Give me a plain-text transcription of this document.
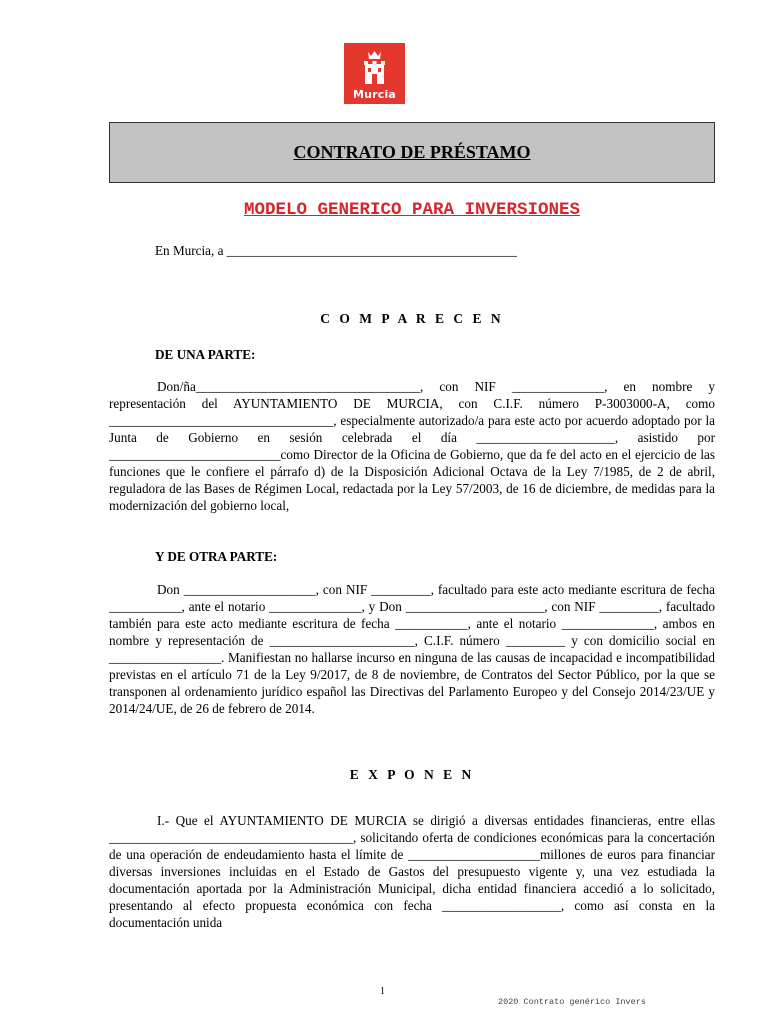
Murcia
CONTRATO DE PRÉSTAMO
MODELO GENERICO PARA INVERSIONES
En Murcia, a ____________________________________________
C O M P A R E C E N
DE UNA PARTE:

Don/ña__________________________________, con NIF ______________, en nombre y representación del AYUNTAMIENTO DE MURCIA, con C.I.F. número P-3003000-A, como __________________________________, especialmente autorizado/a para este acto por acuerdo adoptado por la Junta de Gobierno en sesión celebrada el día _____________________, asistido por __________________________como Director de la Oficina de Gobierno, que da fe del acto en el ejercicio de las funciones que le confiere el párrafo d) de la Disposición Adicional Octava de la Ley 7/1985, de 2 de abril, reguladora de las Bases de Régimen Local, redactada por la Ley 57/2003, de 16 de diciembre, de medidas para la modernización del gobierno local,

Y DE OTRA PARTE:

Don ____________________, con NIF _________, facultado para este acto mediante escritura de fecha ___________, ante el notario ______________, y Don _____________________, con NIF _________, facultado también para este acto mediante escritura de fecha ___________, ante el notario ______________, ambos en nombre y representación de ______________________, C.I.F. número _________ y con domicilio social en _________________. Manifiestan no hallarse incurso en ninguna de las causas de incapacidad e incompatibilidad previstas en el artículo 71 de la Ley 9/2017, de 8 de noviembre, de Contratos del Sector Público, por la que se transponen al ordenamiento jurídico español las Directivas del Parlamento Europeo y del Consejo 2014/23/UE y 2014/24/UE, de 26 de febrero de 2014.

E X P O N E N

I.- Que el AYUNTAMIENTO DE MURCIA se dirigió a diversas entidades financieras, entre ellas _____________________________________, solicitando oferta de condiciones económicas para la concertación de una operación de endeudamiento hasta el límite de ____________________millones de euros para financiar diversas inversiones incluidas en el Estado de Gastos del presupuesto vigente y, una vez estudiada la documentación aportada por la Administración Municipal, dicha entidad financiera accedió a lo solicitado, presentando al efecto propuesta económica con fecha __________________, como así consta en la documentación unida

1
2020 Contrato genérico Invers
